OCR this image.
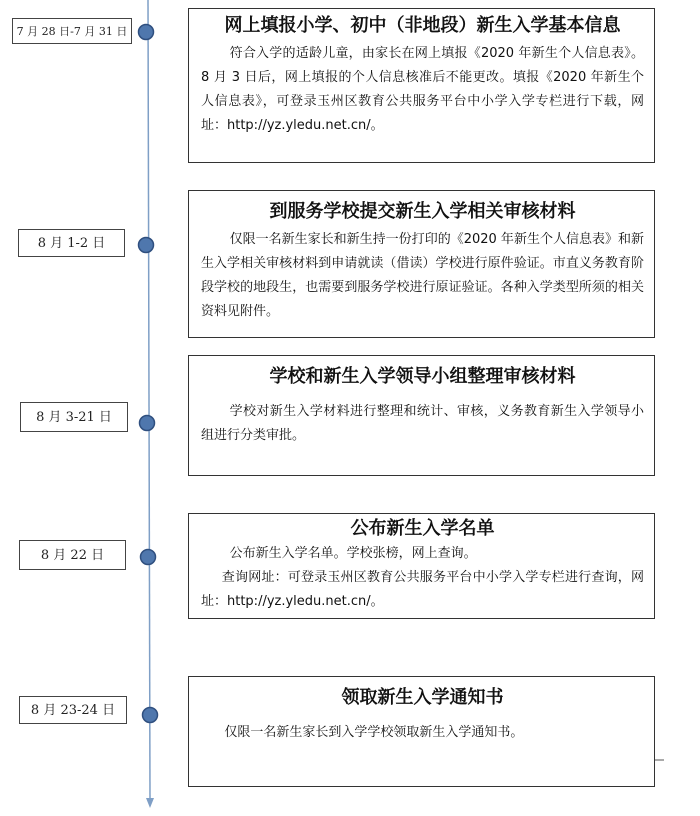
7 月 28 日-7 月 31 日	网上填报小学、初中（非地段）新生入学基本信息

符合入学的适龄儿童，由家长在网上填报《2020 年新生个人信息表》。8 月 3 日后，网上填报的个人信息核准后不能更改。填报《2020 年新生个人信息表》，可登录玉州区教育公共服务平台中小学入学专栏进行下载，网址：http://yz.yledu.net.cn/。

8 月 1-2 日
到服务学校提交新生入学相关审核材料

仅限一名新生家长和新生持一份打印的《2020 年新生个人信息表》和新生入学相关审核材料到申请就读（借读）学校进行原件验证。市直义务教育阶段学校的地段生，也需要到服务学校进行原证验证。各种入学类型所须的相关资料见附件。

8 月 3-21 日
学校和新生入学领导小组整理审核材料

学校对新生入学材料进行整理和统计、审核，义务教育新生入学领导小组进行分类审批。

8 月 22 日
公布新生入学名单

公布新生入学名单。学校张榜，网上查询。

查询网址：可登录玉州区教育公共服务平台中小学入学专栏进行查询，网址：http://yz.yledu.net.cn/。

8 月 23-24 日
领取新生入学通知书

仅限一名新生家长到入学学校领取新生入学通知书。
